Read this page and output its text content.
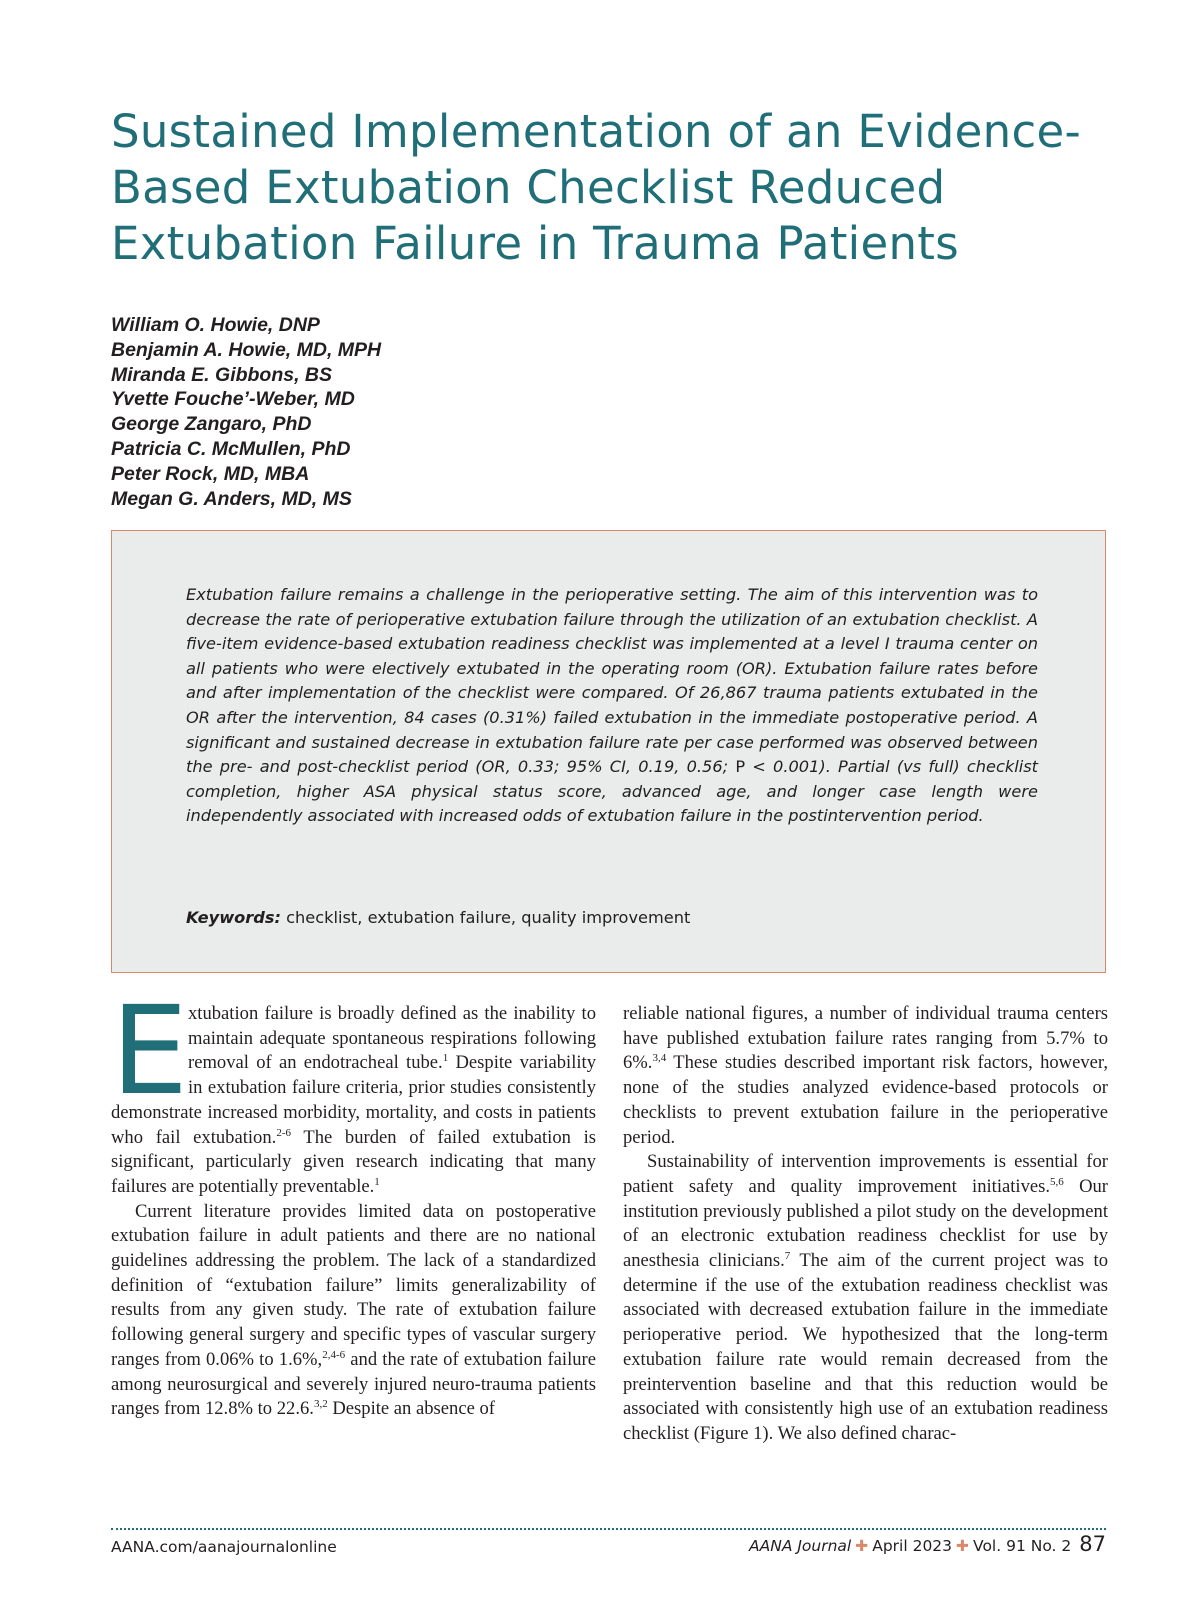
Sustained Implementation of an Evidence-
Based Extubation Checklist Reduced
Extubation Failure in Trauma Patients
William O. Howie, DNP
Benjamin A. Howie, MD, MPH
Miranda E. Gibbons, BS
Yvette Fouche’-Weber, MD
George Zangaro, PhD
Patricia C. McMullen, PhD
Peter Rock, MD, MBA
Megan G. Anders, MD, MS

Extubation failure remains a challenge in the perioperative setting. The aim of this intervention was to decrease the rate of perioperative extubation failure through the utilization of an extubation checklist. A five-item evidence-based extubation readiness checklist was implemented at a level I trauma center on all patients who were electively extubated in the operating room (OR). Extubation failure rates before and after implementation of the checklist were compared. Of 26,867 trauma patients extubated in the OR after the intervention, 84 cases (0.31%) failed extubation in the immediate postoperative period. A significant and sustained decrease in extubation failure rate per case performed was observed between the pre- and post-checklist period (OR, 0.33; 95% CI, 0.19, 0.56; P < 0.001). Partial (vs full) checklist completion, higher ASA physical status score, advanced age, and longer case length were independently associated with increased odds of extubation failure in the postintervention period.

Keywords: checklist, extubation failure, quality improvement

Extubation failure is broadly defined as the inability to maintain adequate spontaneous respirations following removal of an endotracheal tube.$^1$ Despite variability in extubation failure criteria, prior studies consistently demonstrate increased morbidity, mortality, and costs in patients who fail extubation.$^{2-6}$ The burden of failed extubation is significant, particularly given research indicating that many failures are potentially preventable.$^1$

Current literature provides limited data on postoperative extubation failure in adult patients and there are no national guidelines addressing the problem. The lack of a standardized definition of “extubation failure” limits generalizability of results from any given study. The rate of extubation failure following general surgery and specific types of vascular surgery ranges from 0.06% to 1.6%,$^{2,4-6}$ and the rate of extubation failure among neurosurgical and severely injured neuro-trauma patients ranges from 12.8% to 22.6.$^{3,2}$ Despite an absence of

reliable national figures, a number of individual trauma centers have published extubation failure rates ranging from 5.7% to 6%.$^{3,4}$ These studies described important risk factors, however, none of the studies analyzed evidence-based protocols or checklists to prevent extubation failure in the perioperative period.

Sustainability of intervention improvements is essential for patient safety and quality improvement initiatives.$^{5,6}$ Our institution previously published a pilot study on the development of an electronic extubation readiness checklist for use by anesthesia clinicians.$^7$ The aim of the current project was to determine if the use of the extubation readiness checklist was associated with decreased extubation failure in the immediate perioperative period. We hypothesized that the long-term extubation failure rate would remain decreased from the preintervention baseline and that this reduction would be associated with consistently high use of an extubation readiness checklist (Figure 1). We also defined charac-

AANA.com/aanajournalonline	AANA Journal ✚ April 2023 ✚ Vol. 91 No. 2 87
